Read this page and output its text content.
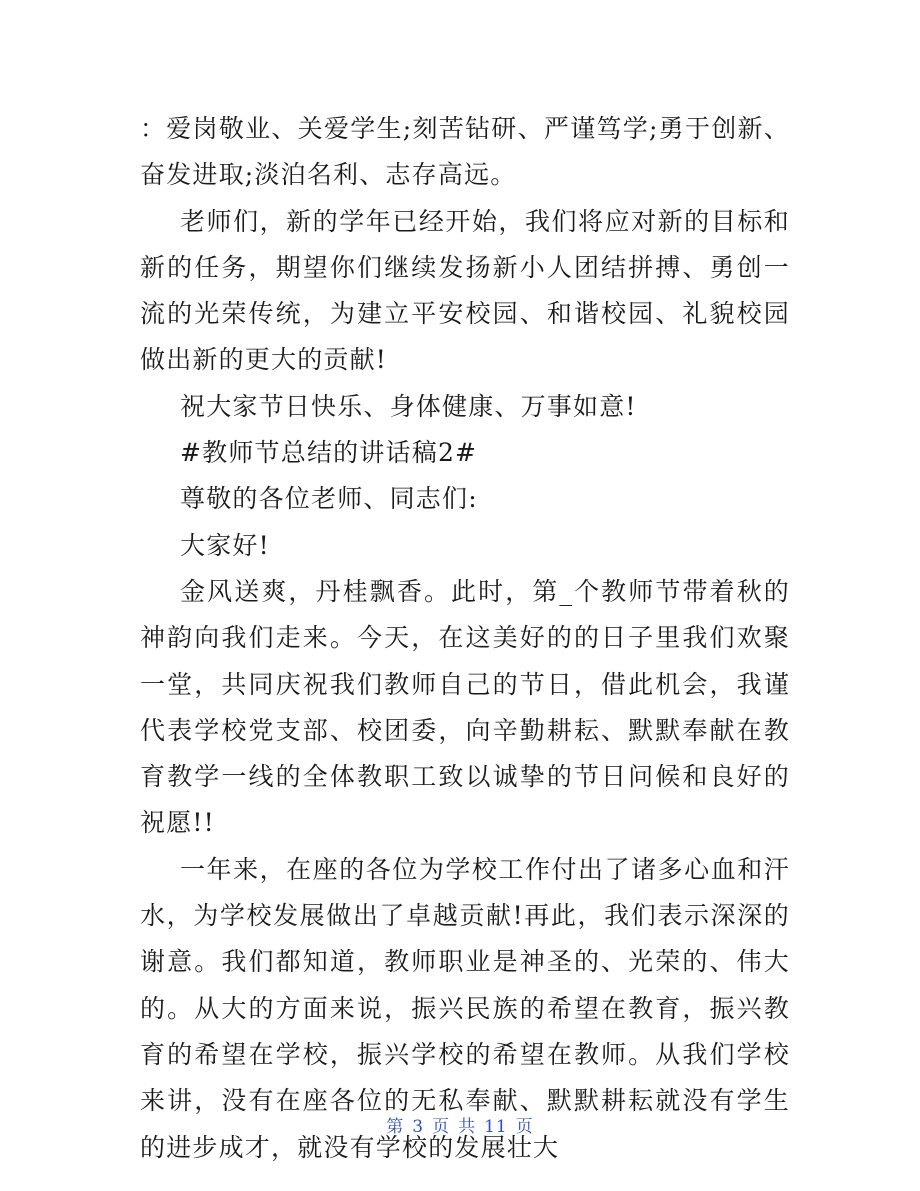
：爱岗敬业、关爱学生;刻苦钻研、严谨笃学;勇于创新、奋发进取;淡泊名利、志存高远。

老师们，新的学年已经开始，我们将应对新的目标和新的任务，期望你们继续发扬新小人团结拼搏、勇创一流的光荣传统，为建立平安校园、和谐校园、礼貌校园做出新的更大的贡献!

祝大家节日快乐、身体健康、万事如意!

#教师节总结的讲话稿2#

尊敬的各位老师、同志们:

大家好!

金风送爽，丹桂飘香。此时，第_个教师节带着秋的神韵向我们走来。今天，在这美好的的日子里我们欢聚一堂，共同庆祝我们教师自己的节日，借此机会，我谨代表学校党支部、校团委，向辛勤耕耘、默默奉献在教育教学一线的全体教职工致以诚挚的节日问候和良好的祝愿!!

一年来，在座的各位为学校工作付出了诸多心血和汗水，为学校发展做出了卓越贡献!再此，我们表示深深的谢意。我们都知道，教师职业是神圣的、光荣的、伟大的。从大的方面来说，振兴民族的希望在教育，振兴教育的希望在学校，振兴学校的希望在教师。从我们学校来讲，没有在座各位的无私奉献、默默耕耘就没有学生的进步成才，就没有学校的发展壮大

第 3 页 共 11 页
